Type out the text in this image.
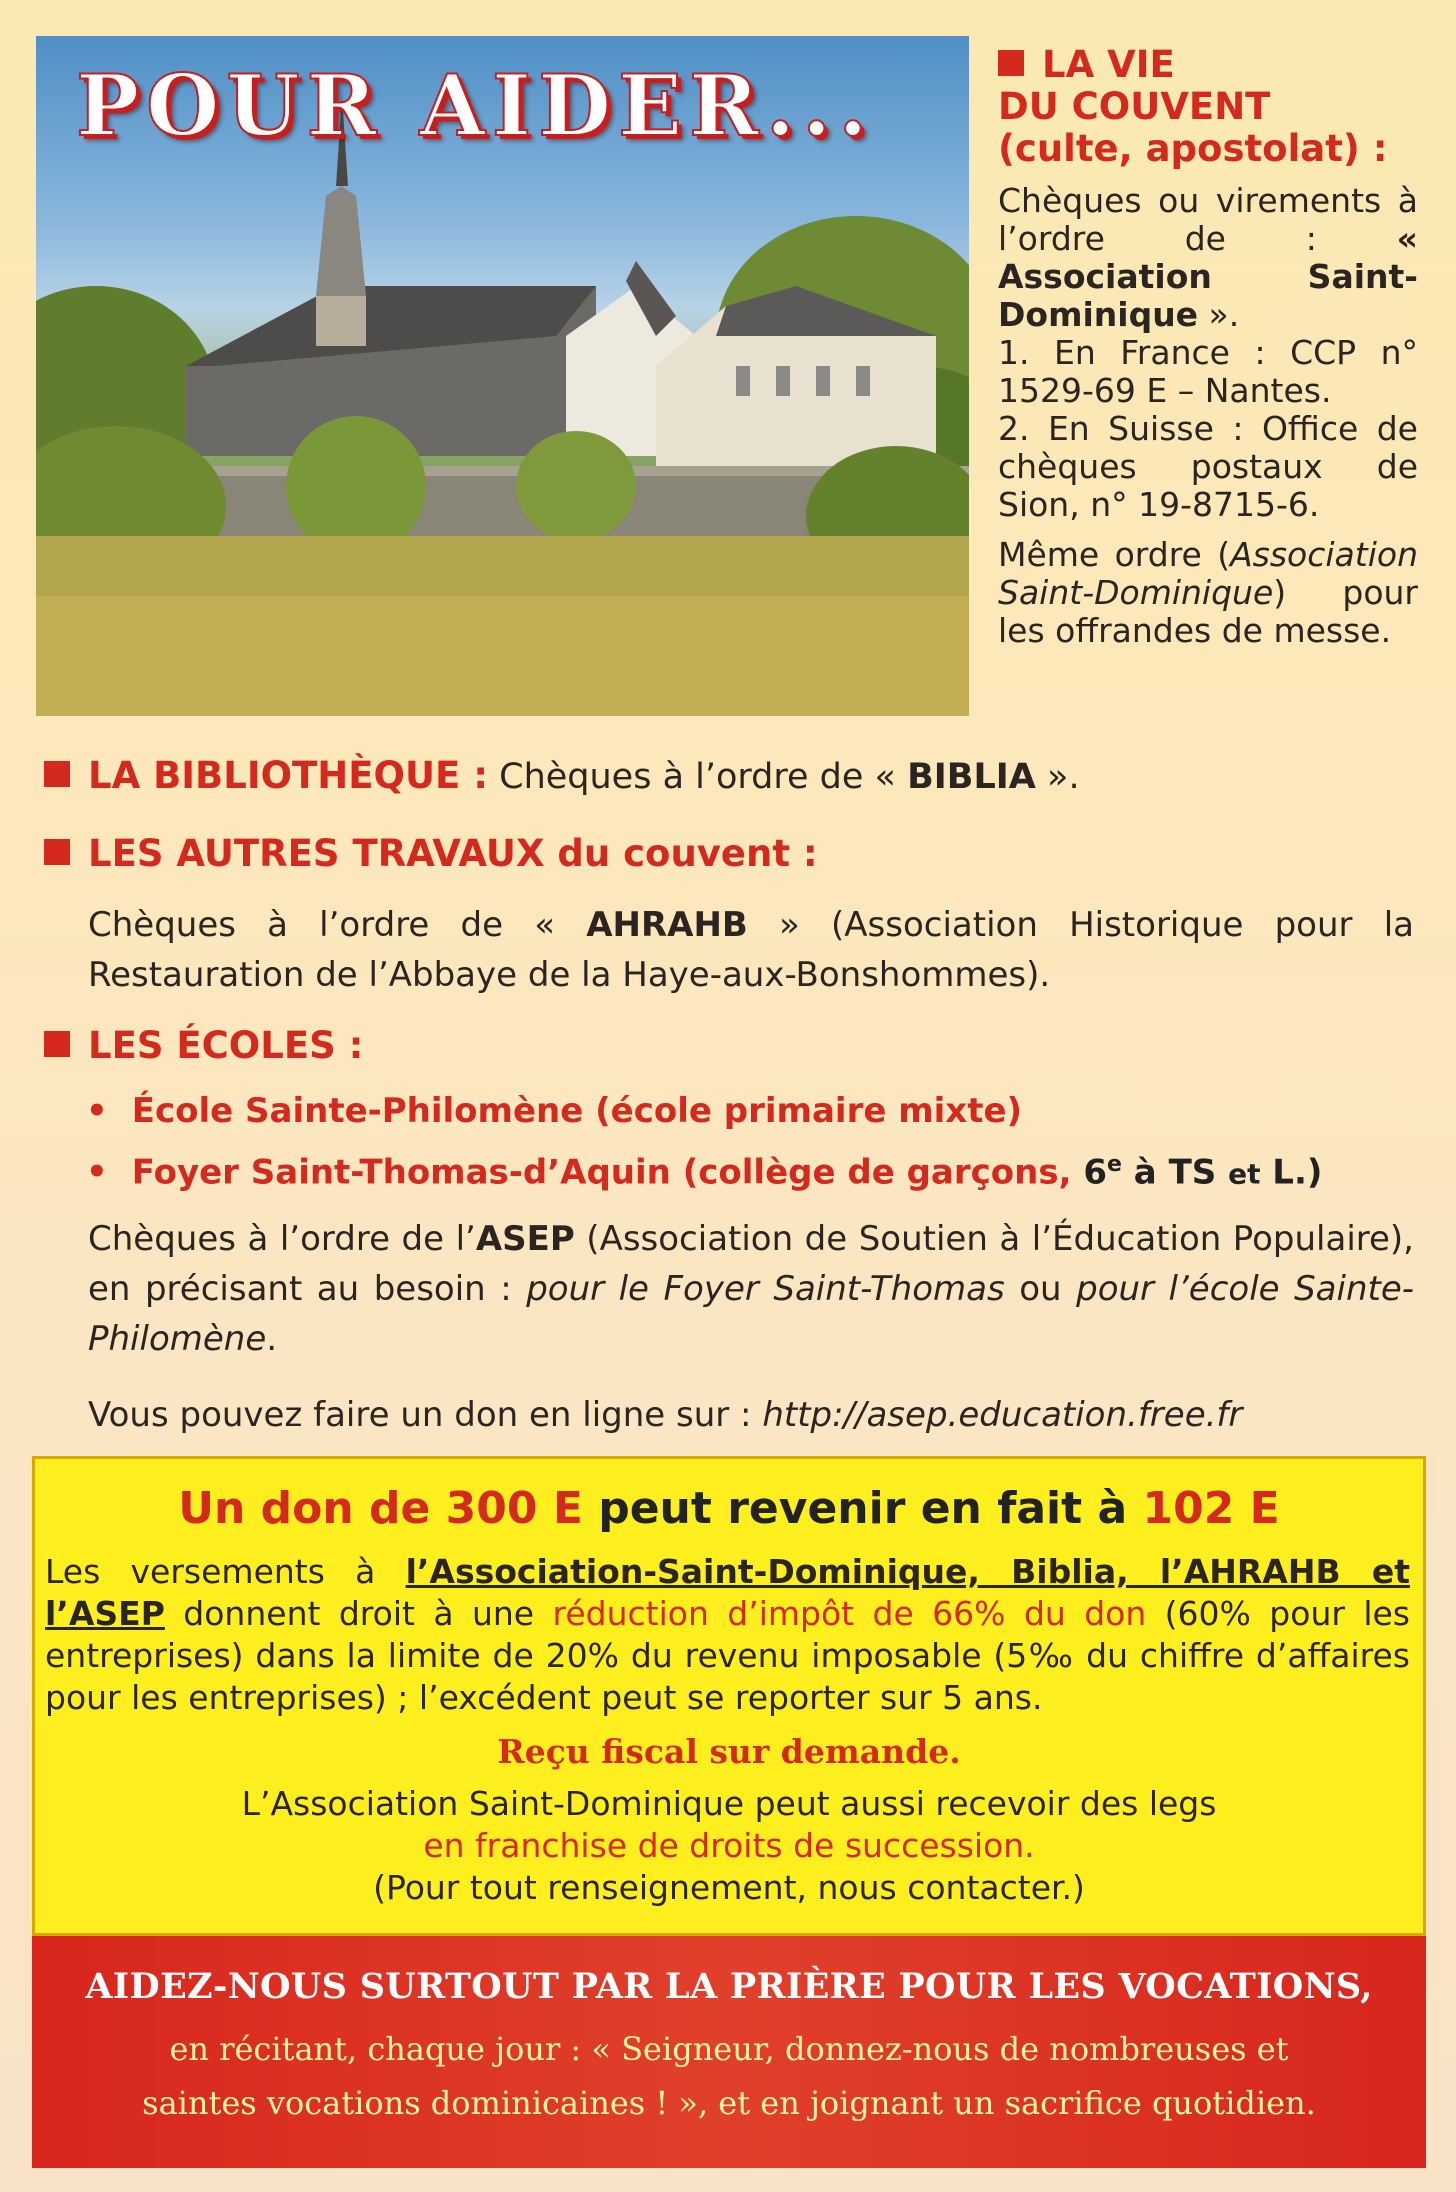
POUR AIDER...	LA VIE
DU COUVENT
(culte, apostolat) :

Chèques ou virements à l’ordre de : « Association Saint-Dominique ».
1. En France : CCP n° 1529-69 E – Nantes.
2. En Suisse : Office de chèques postaux de Sion, n° 19-8715-6.

Même ordre (Association Saint-Dominique) pour les offrandes de messe.

LA BIBLIOTHÈQUE : Chèques à l’ordre de « BIBLIA ».

LES AUTRES TRAVAUX du couvent :

Chèques à l’ordre de « AHRAHB » (Association Historique pour la Restauration de l’Abbaye de la Haye-aux-Bonshommes).

LES ÉCOLES :

• École Sainte-Philomène (école primaire mixte)
• Foyer Saint-Thomas-d’Aquin (collège de garçons, 6e à TS et L.)

Chèques à l’ordre de l’ASEP (Association de Soutien à l’Éducation Populaire), en précisant au besoin : pour le Foyer Saint-Thomas ou pour l’école Sainte-Philomène.

Vous pouvez faire un don en ligne sur : http://asep.education.free.fr

Un don de 300 E peut revenir en fait à 102 E

Les versements à l’Association-Saint-Dominique, Biblia, l’AHRAHB et l’ASEP donnent droit à une réduction d’impôt de 66% du don (60% pour les entreprises) dans la limite de 20% du revenu imposable (5‰ du chiffre d’affaires pour les entreprises) ; l’excédent peut se reporter sur 5 ans.

Reçu fiscal sur demande.

L’Association Saint-Dominique peut aussi recevoir des legs

en franchise de droits de succession.

(Pour tout renseignement, nous contacter.)

AIDEZ-NOUS SURTOUT PAR LA PRIÈRE POUR LES VOCATIONS,

en récitant, chaque jour : « Seigneur, donnez-nous de nombreuses et
saintes vocations dominicaines ! », et en joignant un sacrifice quotidien.
